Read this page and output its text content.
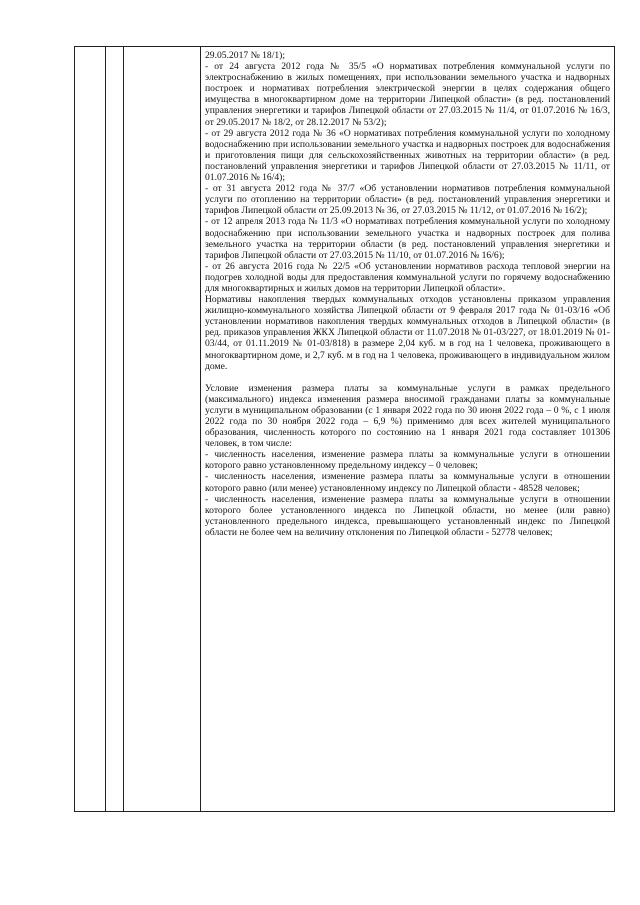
29.05.2017 № 18/1);

- от 24 августа 2012 года № 35/5 «О нормативах потребления коммунальной услуги по электроснабжению в жилых помещениях, при использовании земельного участка и надворных построек и нормативах потребления электрической энергии в целях содержания общего имущества в многоквартирном доме на территории Липецкой области» (в ред. постановлений управления энергетики и тарифов Липецкой области от 27.03.2015 № 11/4, от 01.07.2016 № 16/3, от 29.05.2017 № 18/2, от 28.12.2017 № 53/2);

- от 29 августа 2012 года № 36 «О нормативах потребления коммунальной услуги по холодному водоснабжению при использовании земельного участка и надворных построек для водоснабжения и приготовления пищи для сельскохозяйственных животных на территории области» (в ред. постановлений управления энергетики и тарифов Липецкой области от 27.03.2015 № 11/11, от 01.07.2016 № 16/4);

- от 31 августа 2012 года № 37/7 «Об установлении нормативов потребления коммунальной услуги по отоплению на территории области» (в ред. постановлений управления энергетики и тарифов Липецкой области от 25.09.2013 № 36, от 27.03.2015 № 11/12, от 01.07.2016 № 16/2);

- от 12 апреля 2013 года № 11/3 «О нормативах потребления коммунальной услуги по холодному водоснабжению при использовании земельного участка и надворных построек для полива земельного участка на территории области (в ред. постановлений управления энергетики и тарифов Липецкой области от 27.03.2015 № 11/10, от 01.07.2016 № 16/6);

- от 26 августа 2016 года № 22/5 «Об установлении нормативов расхода тепловой энергии на подогрев холодной воды для предоставления коммунальной услуги по горячему водоснабжению для многоквартирных и жилых домов на территории Липецкой области».

Нормативы накопления твердых коммунальных отходов установлены приказом управления жилищно-коммунального хозяйства Липецкой области от 9 февраля 2017 года № 01-03/16 «Об установлении нормативов накопления твердых коммунальных отходов в Липецкой области» (в ред. приказов управления ЖКХ Липецкой области от 11.07.2018 № 01-03/227, от 18.01.2019 № 01-03/44, от 01.11.2019 № 01-03/818) в размере 2,04 куб. м в год на 1 человека, проживающего в многоквартирном доме, и 2,7 куб. м в год на 1 человека, проживающего в индивидуальном жилом доме.

Условие изменения размера платы за коммунальные услуги в рамках предельного (максимального) индекса изменения размера вносимой гражданами платы за коммунальные услуги в муниципальном образовании (с 1 января 2022 года по 30 июня 2022 года – 0 %, с 1 июля 2022 года по 30 ноября 2022 года – 6,9 %) применимо для всех жителей муниципального образования, численность которого по состоянию на 1 января 2021 года составляет 101306 человек, в том числе:

- численность населения, изменение размера платы за коммунальные услуги в отношении которого равно установленному предельному индексу – 0 человек;

- численность населения, изменение размера платы за коммунальные услуги в отношении которого равно (или менее) установленному индексу по Липецкой области - 48528 человек;

- численность населения, изменение размера платы за коммунальные услуги в отношении которого более установленного индекса по Липецкой области, но менее (или равно) установленного предельного индекса, превышающего установленный индекс по Липецкой области не более чем на величину отклонения по Липецкой области - 52778 человек;
